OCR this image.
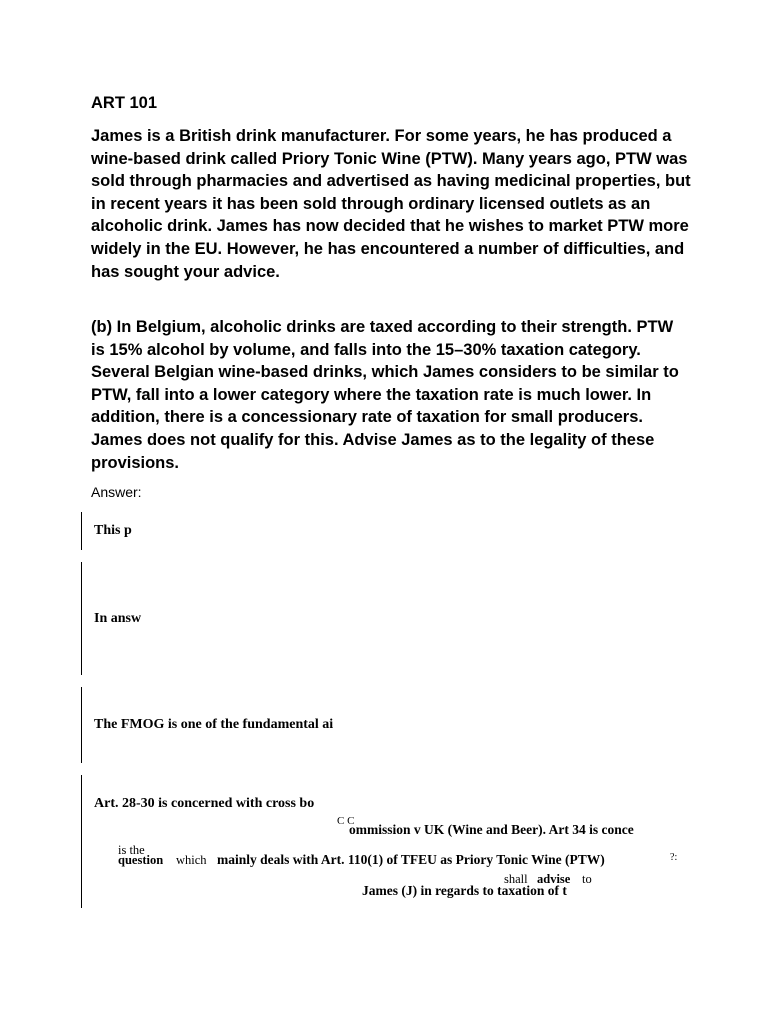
ART 101

James is a British drink manufacturer. For some years, he has produced a wine-based drink called Priory Tonic Wine (PTW). Many years ago, PTW was sold through pharmacies and advertised as having medicinal properties, but in recent years it has been sold through ordinary licensed outlets as an alcoholic drink. James has now decided that he wishes to market PTW more widely in the EU. However, he has encountered a number of difficulties, and has sought your advice.

(b) In Belgium, alcoholic drinks are taxed according to their strength. PTW is 15% alcohol by volume, and falls into the 15–30% taxation category. Several Belgian wine-based drinks, which James considers to be similar to PTW, fall into a lower category where the taxation rate is much lower. In addition, there is a concessionary rate of taxation for small producers. James does not qualify for this. Advise James as to the legality of these provisions.

Answer:

This p
In answ
The FMOG is one of the fundamental ai
Art. 28-30 is concerned with cross bo
C C
ommission v UK (Wine and Beer). Art 34 is conce
is the
question which mainly deals with Art. 110(1) of TFEU as Priory Tonic Wine (PTW)	?:
shall advise to
James (J) in regards to taxation of t
